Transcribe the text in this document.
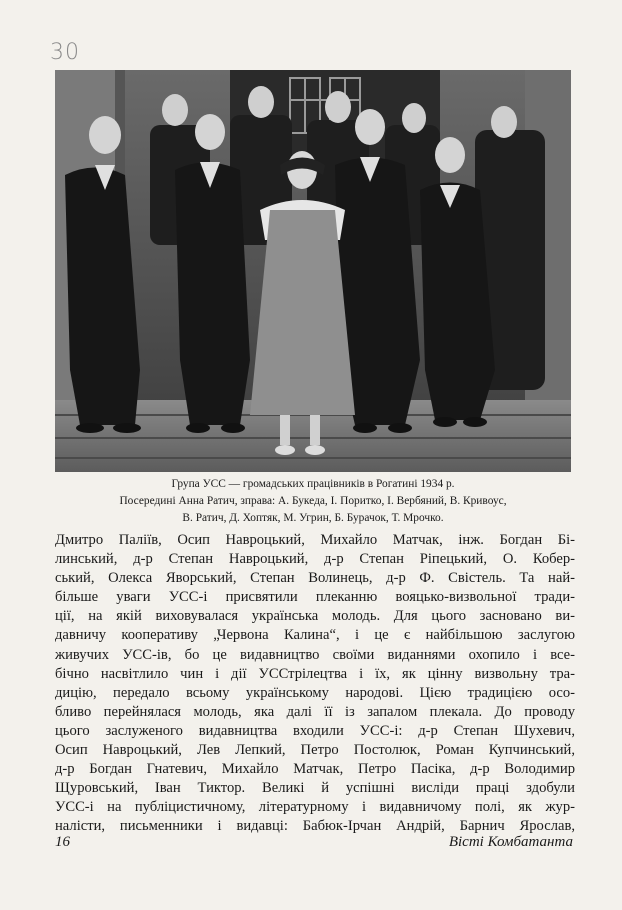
30
Група УСС — громадських працівників в Рогатині 1934 р.
Посередині Анна Ратич, зправа: А. Букеда, І. Поритко, І. Вербяний, В. Кривоус,
В. Ратич, Д. Хоптяк, М. Угрин, Б. Бурачок, Т. Мрочко.
Дмитро Паліїв, Осип Навроцький, Михайло Матчак, інж. Богдан Бі-
линський, д-р Степан Навроцький, д-р Степан Ріпецький, О. Кобер-
ський, Олекса Яворський, Степан Волинець, д-р Ф. Свістель. Та най-
більше уваги УСС-і присвятили плеканню вояцько-визвольної тради-
ції, на якій виховувалася українська молодь. Для цього засновано ви-
давничу кооперативу „Червона Калина“, і це є найбільшою заслугою
живучих УСС-ів, бо це видавництво своїми виданнями охопило і все-
бічно насвітлило чин і дії УССтрілецтва і їх, як цінну визвольну тра-
дицію, передало всьому українському народові. Цією традицією осо-
бливо перейнялася молодь, яка далі її із запалом плекала. До проводу
цього заслуженого видавництва входили УСС-і: д-р Степан Шухевич,
Осип Навроцький, Лев Лепкий, Петро Постолюк, Роман Купчинський,
д-р Богдан Гнатевич, Михайло Матчак, Петро Пасіка, д-р Володимир
Щуровський, Іван Тиктор. Великі й успішні висліди праці здобули
УСС-і на публіцистичному, літературному і видавничому полі, як жур-
налісти, письменники і видавці: Бабюк-Ірчан Андрій, Барнич Ярослав,
16	Вісті Комбатанта
